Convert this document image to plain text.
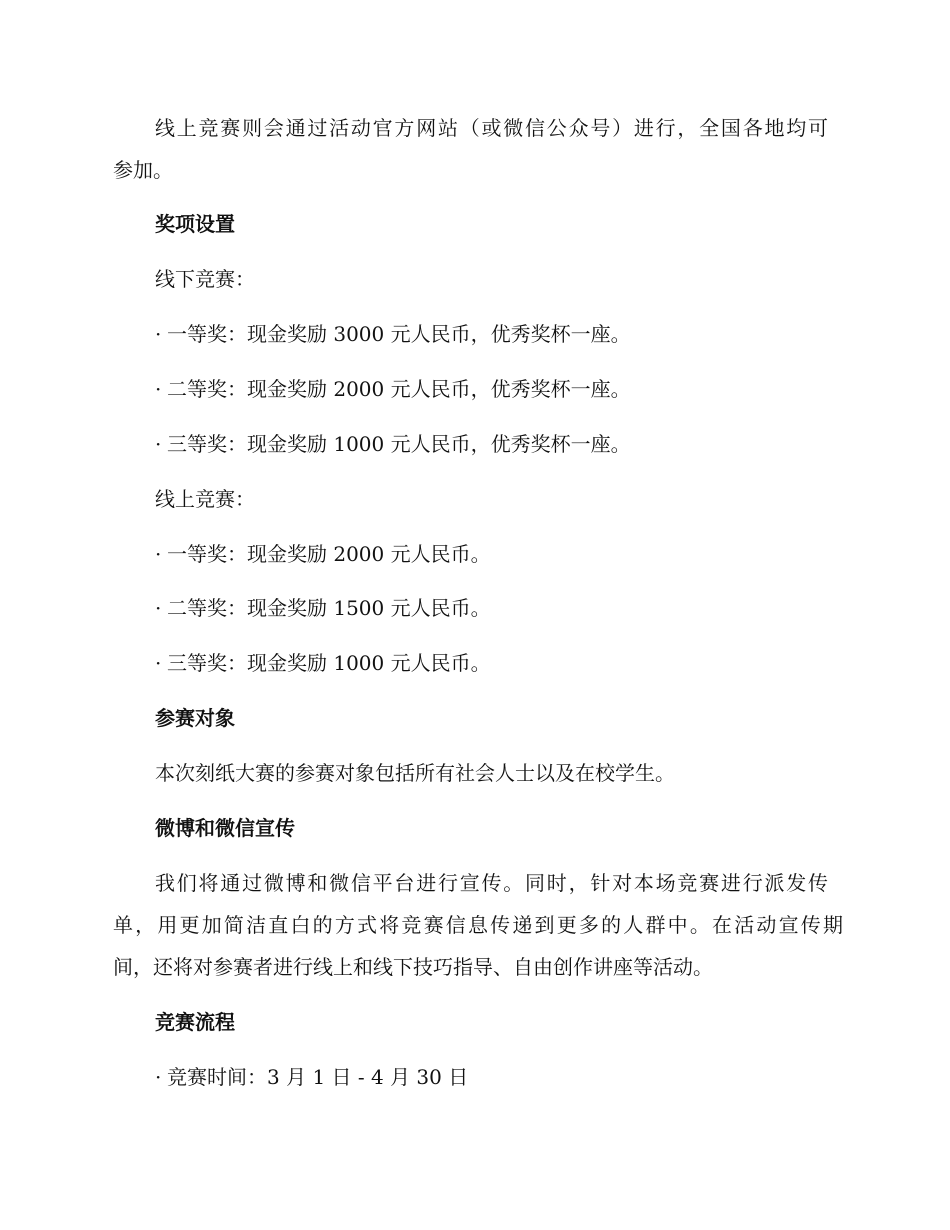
线上竞赛则会通过活动官方网站（或微信公众号）进行，全国各地均可
参加。
奖项设置
线下竞赛：
· 一等奖：现金奖励 3000 元人民币，优秀奖杯一座。
· 二等奖：现金奖励 2000 元人民币，优秀奖杯一座。
· 三等奖：现金奖励 1000 元人民币，优秀奖杯一座。
线上竞赛：
· 一等奖：现金奖励 2000 元人民币。
· 二等奖：现金奖励 1500 元人民币。
· 三等奖：现金奖励 1000 元人民币。
参赛对象
本次刻纸大赛的参赛对象包括所有社会人士以及在校学生。
微博和微信宣传
我们将通过微博和微信平台进行宣传。同时，针对本场竞赛进行派发传
单，用更加简洁直白的方式将竞赛信息传递到更多的人群中。在活动宣传期
间，还将对参赛者进行线上和线下技巧指导、自由创作讲座等活动。
竞赛流程
· 竞赛时间：3 月 1 日 - 4 月 30 日
